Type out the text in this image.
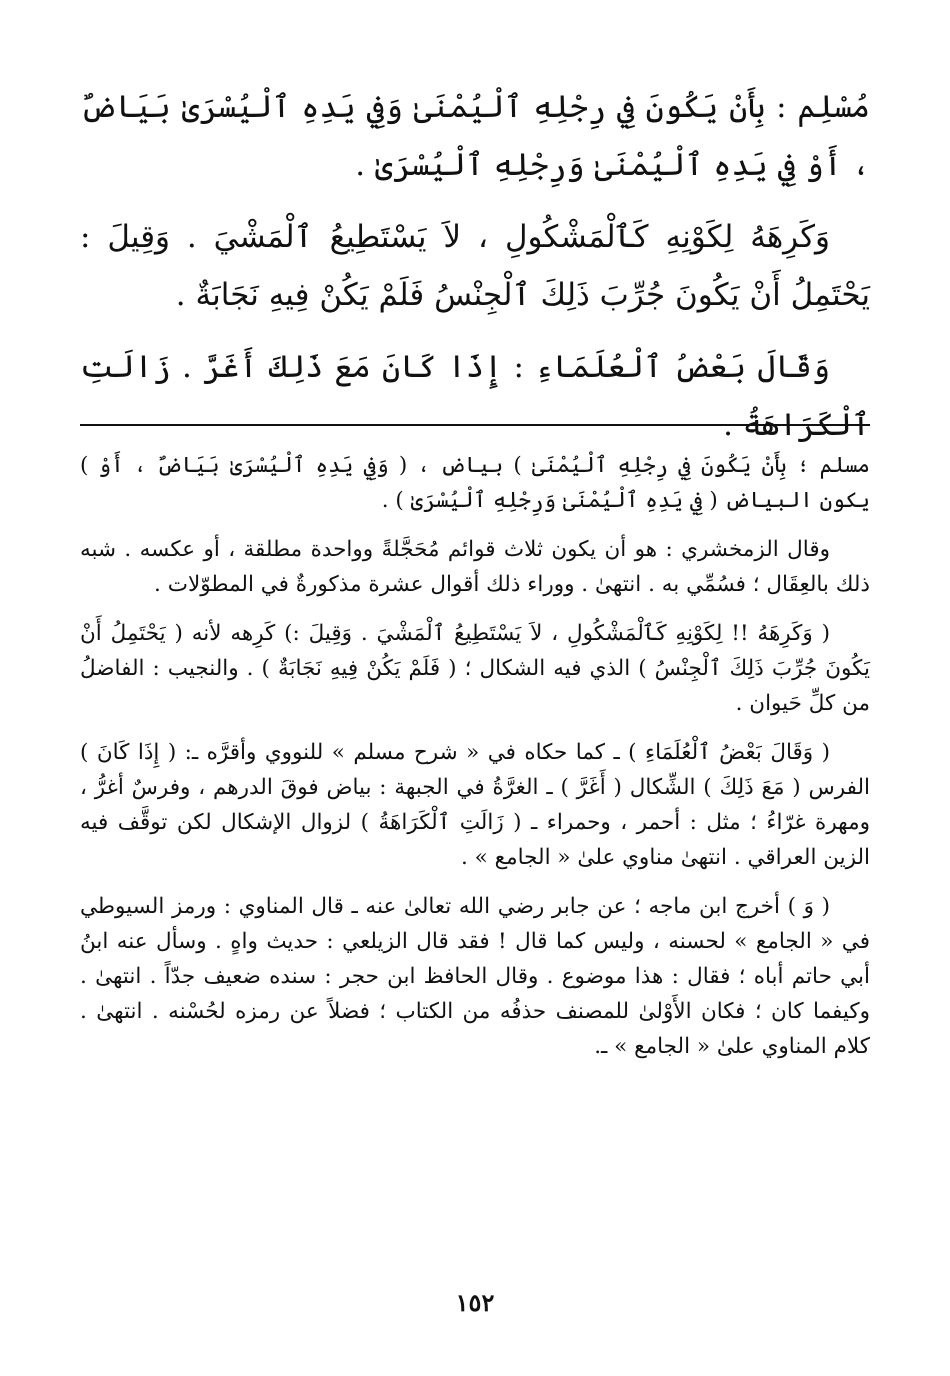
مُسْلِم : بِأَنْ يَكُونَ فِي رِجْلِهِ ٱلْيُمْنَىٰ وَفِي يَدِهِ ٱلْيُسْرَىٰ بَيَاضٌ ، أَوْ فِي يَدِهِ ٱلْيُمْنَىٰ وَرِجْلِهِ ٱلْيُسْرَىٰ .

وَكَرِهَهُ لِكَوْنِهِ كَٱلْمَشْكُولِ ، لاَ يَسْتَطِيعُ ٱلْمَشْيَ . وَقِيلَ : يَحْتَمِلُ أَنْ يَكُونَ جُرِّبَ ذَلِكَ ٱلْجِنْسُ فَلَمْ يَكُنْ فِيهِ نَجَابَةٌ .

وَقَالَ بَعْضُ ٱلْعُلَمَاءِ : إِذَا كَانَ مَعَ ذَلِكَ أَغَرَّ . زَالَتِ ٱلْكَرَاهَةُ .

مسلم ؛ بِأَنْ يَكُونَ فِي رِجْلِهِ ٱلْيُمْنَىٰ ) بياض ، ( وَفِي يَدِهِ ٱلْيُسْرَىٰ بَيَاضٌ ، أَوْ ) يكون البياض ( فِي يَدِهِ ٱلْيُمْنَىٰ وَرِجْلِهِ ٱلْيُسْرَىٰ ) .

وقال الزمخشري : هو أن يكون ثلاث قوائم مُحَجَّلةً وواحدة مطلقة ، أو عكسه . شبه ذلك بالعِقَال ؛ فسُمِّي به . انتهىٰ . ووراء ذلك أقوال عشرة مذكورةٌ في المطوّلات .

( وَكَرِهَهُ !! لِكَوْنِهِ كَٱلْمَشْكُولِ ، لاَ يَسْتَطِيعُ ٱلْمَشْيَ . وَقِيلَ :) كَرِهه لأنه ( يَحْتَمِلُ أَنْ يَكُونَ جُرِّبَ ذَلِكَ ٱلْجِنْسُ ) الذي فيه الشكال ؛ ( فَلَمْ يَكُنْ فِيهِ نَجَابَةٌ ) . والنجيب : الفاضلُ من كلِّ حَيوان .

( وَقَالَ بَعْضُ ٱلْعُلَمَاءِ ) ـ كما حكاه في « شرح مسلم » للنووي وأقرَّه ـ: ( إِذَا كَانَ ) الفرس ( مَعَ ذَلِكَ ) الشِّكال ( أَغَرَّ ) ـ الغرَّةُ في الجبهة : بياض فوقَ الدرهم ، وفرسٌ أغرُّ ، ومهرة غرّاءُ ؛ مثل : أحمر ، وحمراء ـ ( زَالَتِ ٱلْكَرَاهَةُ ) لزوال الإشكال لكن توقَّف فيه الزين العراقي . انتهىٰ مناوي علىٰ « الجامع » .

( وَ ) أخرج ابن ماجه ؛ عن جابر رضي الله تعالىٰ عنه ـ قال المناوي : ورمز السيوطي في « الجامع » لحسنه ، وليس كما قال ! فقد قال الزيلعي : حديث واهٍ . وسأل عنه ابنُ أبي حاتم أباه ؛ فقال : هذا موضوع . وقال الحافظ ابن حجر : سنده ضعيف جدّاً . انتهىٰ . وكيفما كان ؛ فكان الأَوْلىٰ للمصنف حذفُه من الكتاب ؛ فضلاً عن رمزه لحُسْنه . انتهىٰ . كلام المناوي علىٰ « الجامع » ـ.

١٥٢
